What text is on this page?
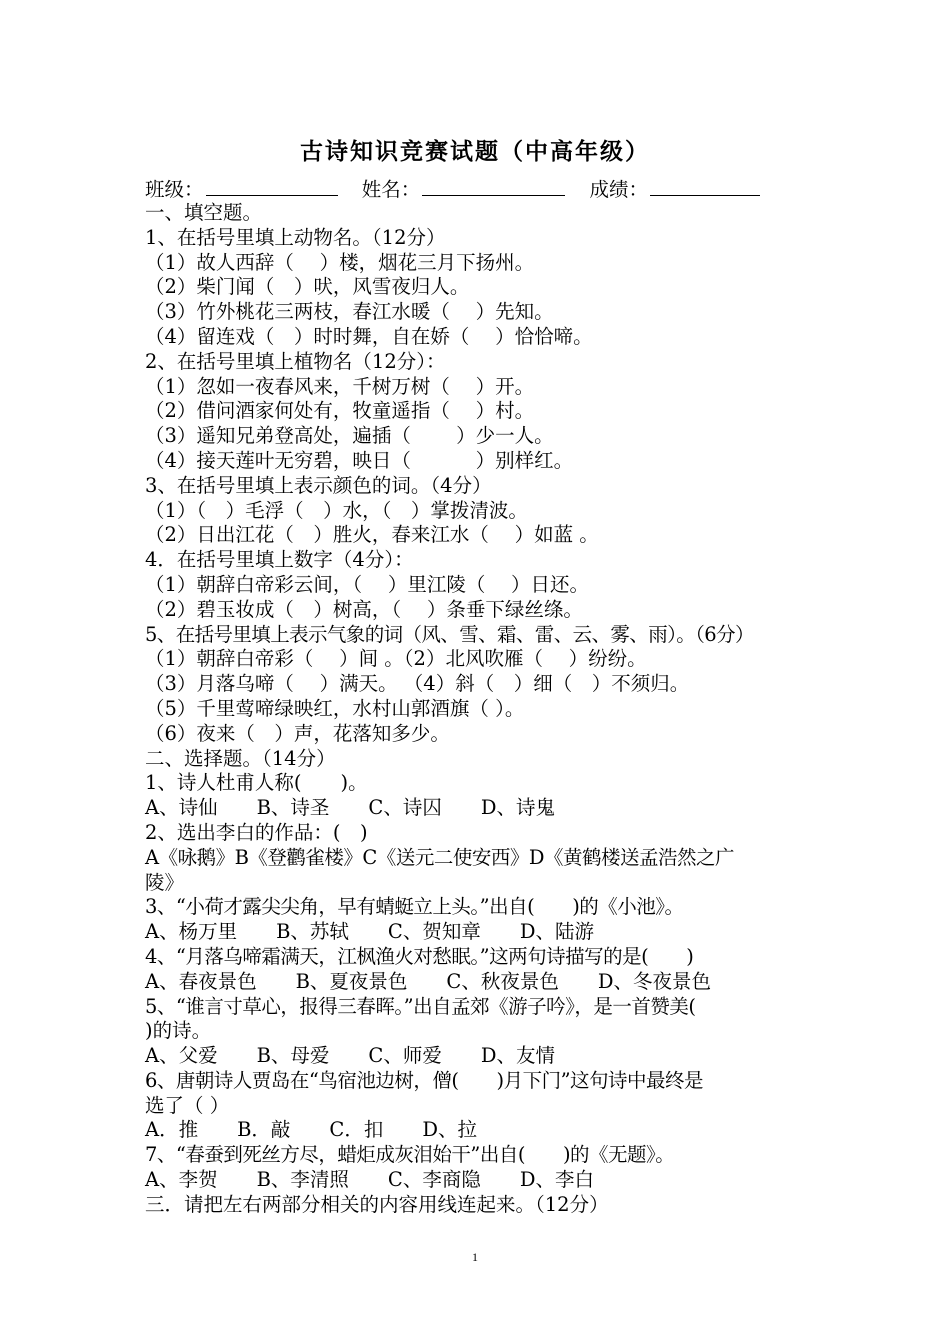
古诗知识竞赛试题（中高年级）
班级：	姓名：	成绩：
一、填空题。
1、在括号里填上动物名。（12分）
（1）故人西辞（　 ）楼，烟花三月下扬州。
（2）柴门闻（　）吠，风雪夜归人。
（3）竹外桃花三两枝，春江水暖（　 ）先知。
（4）留连戏（　）时时舞，自在娇（　 ）恰恰啼。
2、在括号里填上植物名（12分）：
（1）忽如一夜春风来，千树万树（　 ）开。
（2）借问酒家何处有，牧童遥指（　 ）村。
（3）遥知兄弟登高处，遍插（　　 ）少一人。
（4）接天莲叶无穷碧，映日（　　　 ）别样红。
3、在括号里填上表示颜色的词。（4分）
（1）（　）毛浮（　）水，（　）掌拨清波。
（2）日出江花（　）胜火，春来江水（　 ）如蓝 。
4．在括号里填上数字（4分）：
（1）朝辞白帝彩云间，（　 ）里江陵（　 ）日还。
（2）碧玉妆成（　）树高，（　 ）条垂下绿丝绦。
5、在括号里填上表示气象的词（风、雪、霜、雷、云、雾、雨）。（6分）
（1）朝辞白帝彩（　 ）间 。（2）北风吹雁（　 ）纷纷。
（3）月落乌啼（　 ）满天。 （4）斜（　）细（　）不须归。
（5）千里莺啼绿映红，水村山郭酒旗（ ）。
（6）夜来（　）声，花落知多少。
二、选择题。（14分）
1、诗人杜甫人称(　　)。
A、诗仙　　B、诗圣　　C、诗囚　　D、诗鬼
2、选出李白的作品：(　)
A《咏鹅》B《登鹳雀楼》C《送元二使安西》D《黄鹤楼送孟浩然之广
陵》
3、“小荷才露尖尖角，早有蜻蜓立上头。”出自(　　)的《小池》。
A、杨万里　　B、苏轼　　C、贺知章　　D、陆游
4、“月落乌啼霜满天，江枫渔火对愁眠。”这两句诗描写的是(　　)
A、春夜景色　　B、夏夜景色　　C、秋夜景色　　D、冬夜景色
5、“谁言寸草心，报得三春晖。”出自孟郊《游子吟》，是一首赞美(
)的诗。
A、父爱　　B、母爱　　C、师爱　　D、友情
6、唐朝诗人贾岛在“鸟宿池边树，僧(　　)月下门”这句诗中最终是
选了（ ）
A．推　　B．敲　　C．扣　　D、拉
7、“春蚕到死丝方尽，蜡炬成灰泪始干”出自(　　)的《无题》。
A、李贺　　B、李清照　　C、李商隐　　D、李白
三．请把左右两部分相关的内容用线连起来。（12分）
1
